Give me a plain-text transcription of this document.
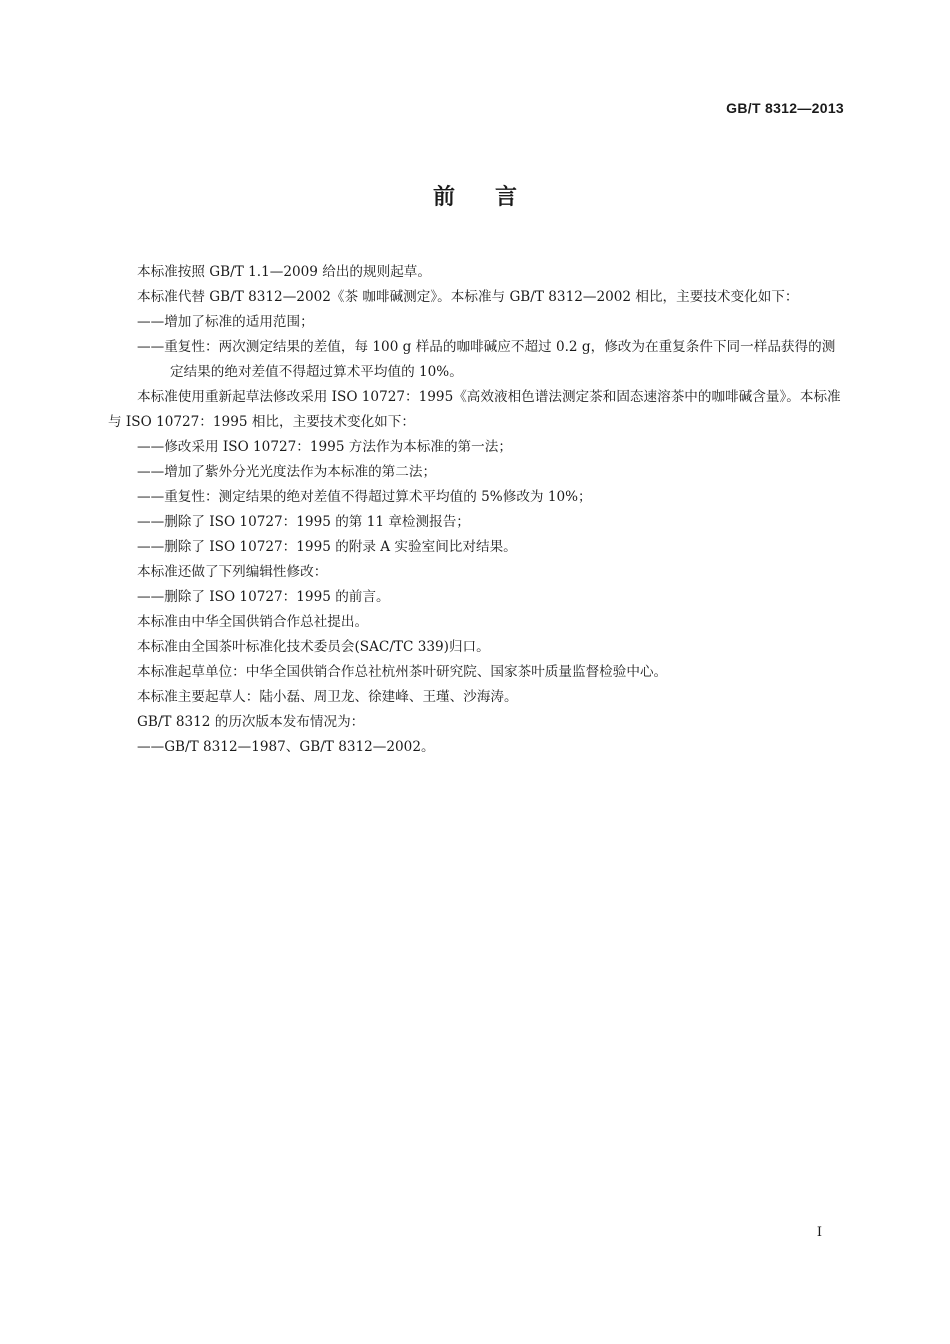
GB/T 8312—2013
前言

本标准按照 GB/T 1.1—2009 给出的规则起草。

本标准代替 GB/T 8312—2002《茶 咖啡碱测定》。本标准与 GB/T 8312—2002 相比，主要技术变化如下：

——增加了标准的适用范围；

——重复性：两次测定结果的差值，每 100 g 样品的咖啡碱应不超过 0.2 g，修改为在重复条件下同一样品获得的测定结果的绝对差值不得超过算术平均值的 10%。

本标准使用重新起草法修改采用 ISO 10727：1995《高效液相色谱法测定茶和固态速溶茶中的咖啡碱含量》。本标准与 ISO 10727：1995 相比，主要技术变化如下：

——修改采用 ISO 10727：1995 方法作为本标准的第一法；

——增加了紫外分光光度法作为本标准的第二法；

——重复性：测定结果的绝对差值不得超过算术平均值的 5%修改为 10%；

——删除了 ISO 10727：1995 的第 11 章检测报告；

——删除了 ISO 10727：1995 的附录 A 实验室间比对结果。

本标准还做了下列编辑性修改：

——删除了 ISO 10727：1995 的前言。

本标准由中华全国供销合作总社提出。

本标准由全国茶叶标准化技术委员会(SAC/TC 339)归口。

本标准起草单位：中华全国供销合作总社杭州茶叶研究院、国家茶叶质量监督检验中心。

本标准主要起草人：陆小磊、周卫龙、徐建峰、王瑾、沙海涛。

GB/T 8312 的历次版本发布情况为：

——GB/T 8312—1987、GB/T 8312—2002。

I
